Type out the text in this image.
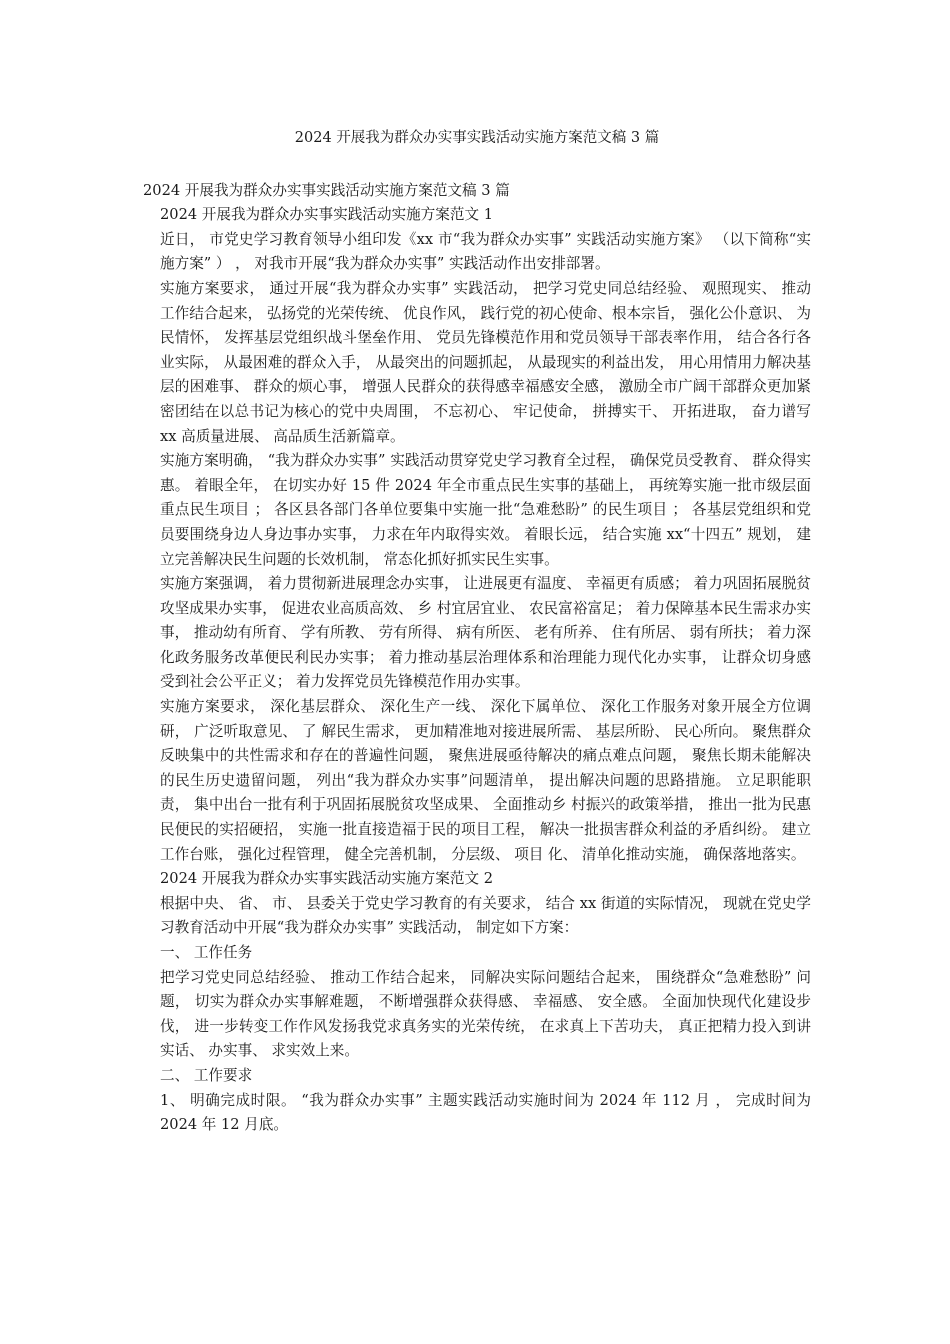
2024 开展我为群众办实事实践活动实施方案范文稿 3 篇

2024 开展我为群众办实事实践活动实施方案范文稿 3 篇

2024 开展我为群众办实事实践活动实施方案范文 1

近日， 市党史学习教育领导小组印发《xx 市“我为群众办实事” 实践活动实施方案》 （以下简称“实施方案” ） ， 对我市开展“我为群众办实事” 实践活动作出安排部署。

实施方案要求， 通过开展“我为群众办实事” 实践活动， 把学习党史同总结经验、 观照现实、 推动工作结合起来， 弘扬党的光荣传统、 优良作风， 践行党的初心使命、根本宗旨， 强化公仆意识、 为民情怀， 发挥基层党组织战斗堡垒作用、 党员先锋模范作用和党员领导干部表率作用， 结合各行各业实际， 从最困难的群众入手， 从最突出的问题抓起， 从最现实的利益出发， 用心用情用力解决基层的困难事、 群众的烦心事， 增强人民群众的获得感幸福感安全感， 激励全市广阔干部群众更加紧密团结在以总书记为核心的党中央周围， 不忘初心、 牢记使命， 拼搏实干、 开拓进取， 奋力谱写 xx 高质量进展、 高品质生活新篇章。

实施方案明确， “我为群众办实事” 实践活动贯穿党史学习教育全过程， 确保党员受教育、 群众得实惠。 着眼全年， 在切实办好 15 件 2024 年全市重点民生实事的基础上， 再统筹实施一批市级层面重点民生项目 ； 各区县各部门各单位要集中实施一批“急难愁盼” 的民生项目 ； 各基层党组织和党员要围绕身边人身边事办实事， 力求在年内取得实效。 着眼长远， 结合实施 xx“十四五” 规划， 建立完善解决民生问题的长效机制， 常态化抓好抓实民生实事。

实施方案强调， 着力贯彻新进展理念办实事， 让进展更有温度、 幸福更有质感； 着力巩固拓展脱贫攻坚成果办实事， 促进农业高质高效、 乡 村宜居宜业、 农民富裕富足； 着力保障基本民生需求办实事， 推动幼有所育、 学有所教、 劳有所得、 病有所医、 老有所养、 住有所居、 弱有所扶； 着力深化政务服务改革便民利民办实事； 着力推动基层治理体系和治理能力现代化办实事， 让群众切身感受到社会公平正义； 着力发挥党员先锋模范作用办实事。

实施方案要求， 深化基层群众、 深化生产一线、 深化下属单位、 深化工作服务对象开展全方位调研， 广泛听取意见、 了 解民生需求， 更加精准地对接进展所需、 基层所盼、 民心所向。 聚焦群众反映集中的共性需求和存在的普遍性问题， 聚焦进展亟待解决的痛点难点问题， 聚焦长期未能解决的民生历史遗留问题， 列出“我为群众办实事”问题清单， 提出解决问题的思路措施。 立足职能职责， 集中出台一批有利于巩固拓展脱贫攻坚成果、 全面推动乡 村振兴的政策举措， 推出一批为民惠民便民的实招硬招， 实施一批直接造福于民的项目工程， 解决一批损害群众利益的矛盾纠纷。 建立工作台账， 强化过程管理， 健全完善机制， 分层级、 项目 化、 清单化推动实施， 确保落地落实。

2024 开展我为群众办实事实践活动实施方案范文 2

根据中央、 省、 市、 县委关于党史学习教育的有关要求， 结合 xx 街道的实际情况， 现就在党史学习教育活动中开展“我为群众办实事” 实践活动， 制定如下方案：

一、 工作任务

把学习党史同总结经验、 推动工作结合起来， 同解决实际问题结合起来， 围绕群众“急难愁盼” 问题， 切实为群众办实事解难题， 不断增强群众获得感、 幸福感、 安全感。 全面加快现代化建设步伐， 进一步转变工作作风发扬我党求真务实的光荣传统， 在求真上下苦功夫， 真正把精力投入到讲实话、 办实事、 求实效上来。

二、 工作要求

1、 明确完成时限。 “我为群众办实事” 主题实践活动实施时间为 2024 年 112 月 ， 完成时间为 2024 年 12 月底。
